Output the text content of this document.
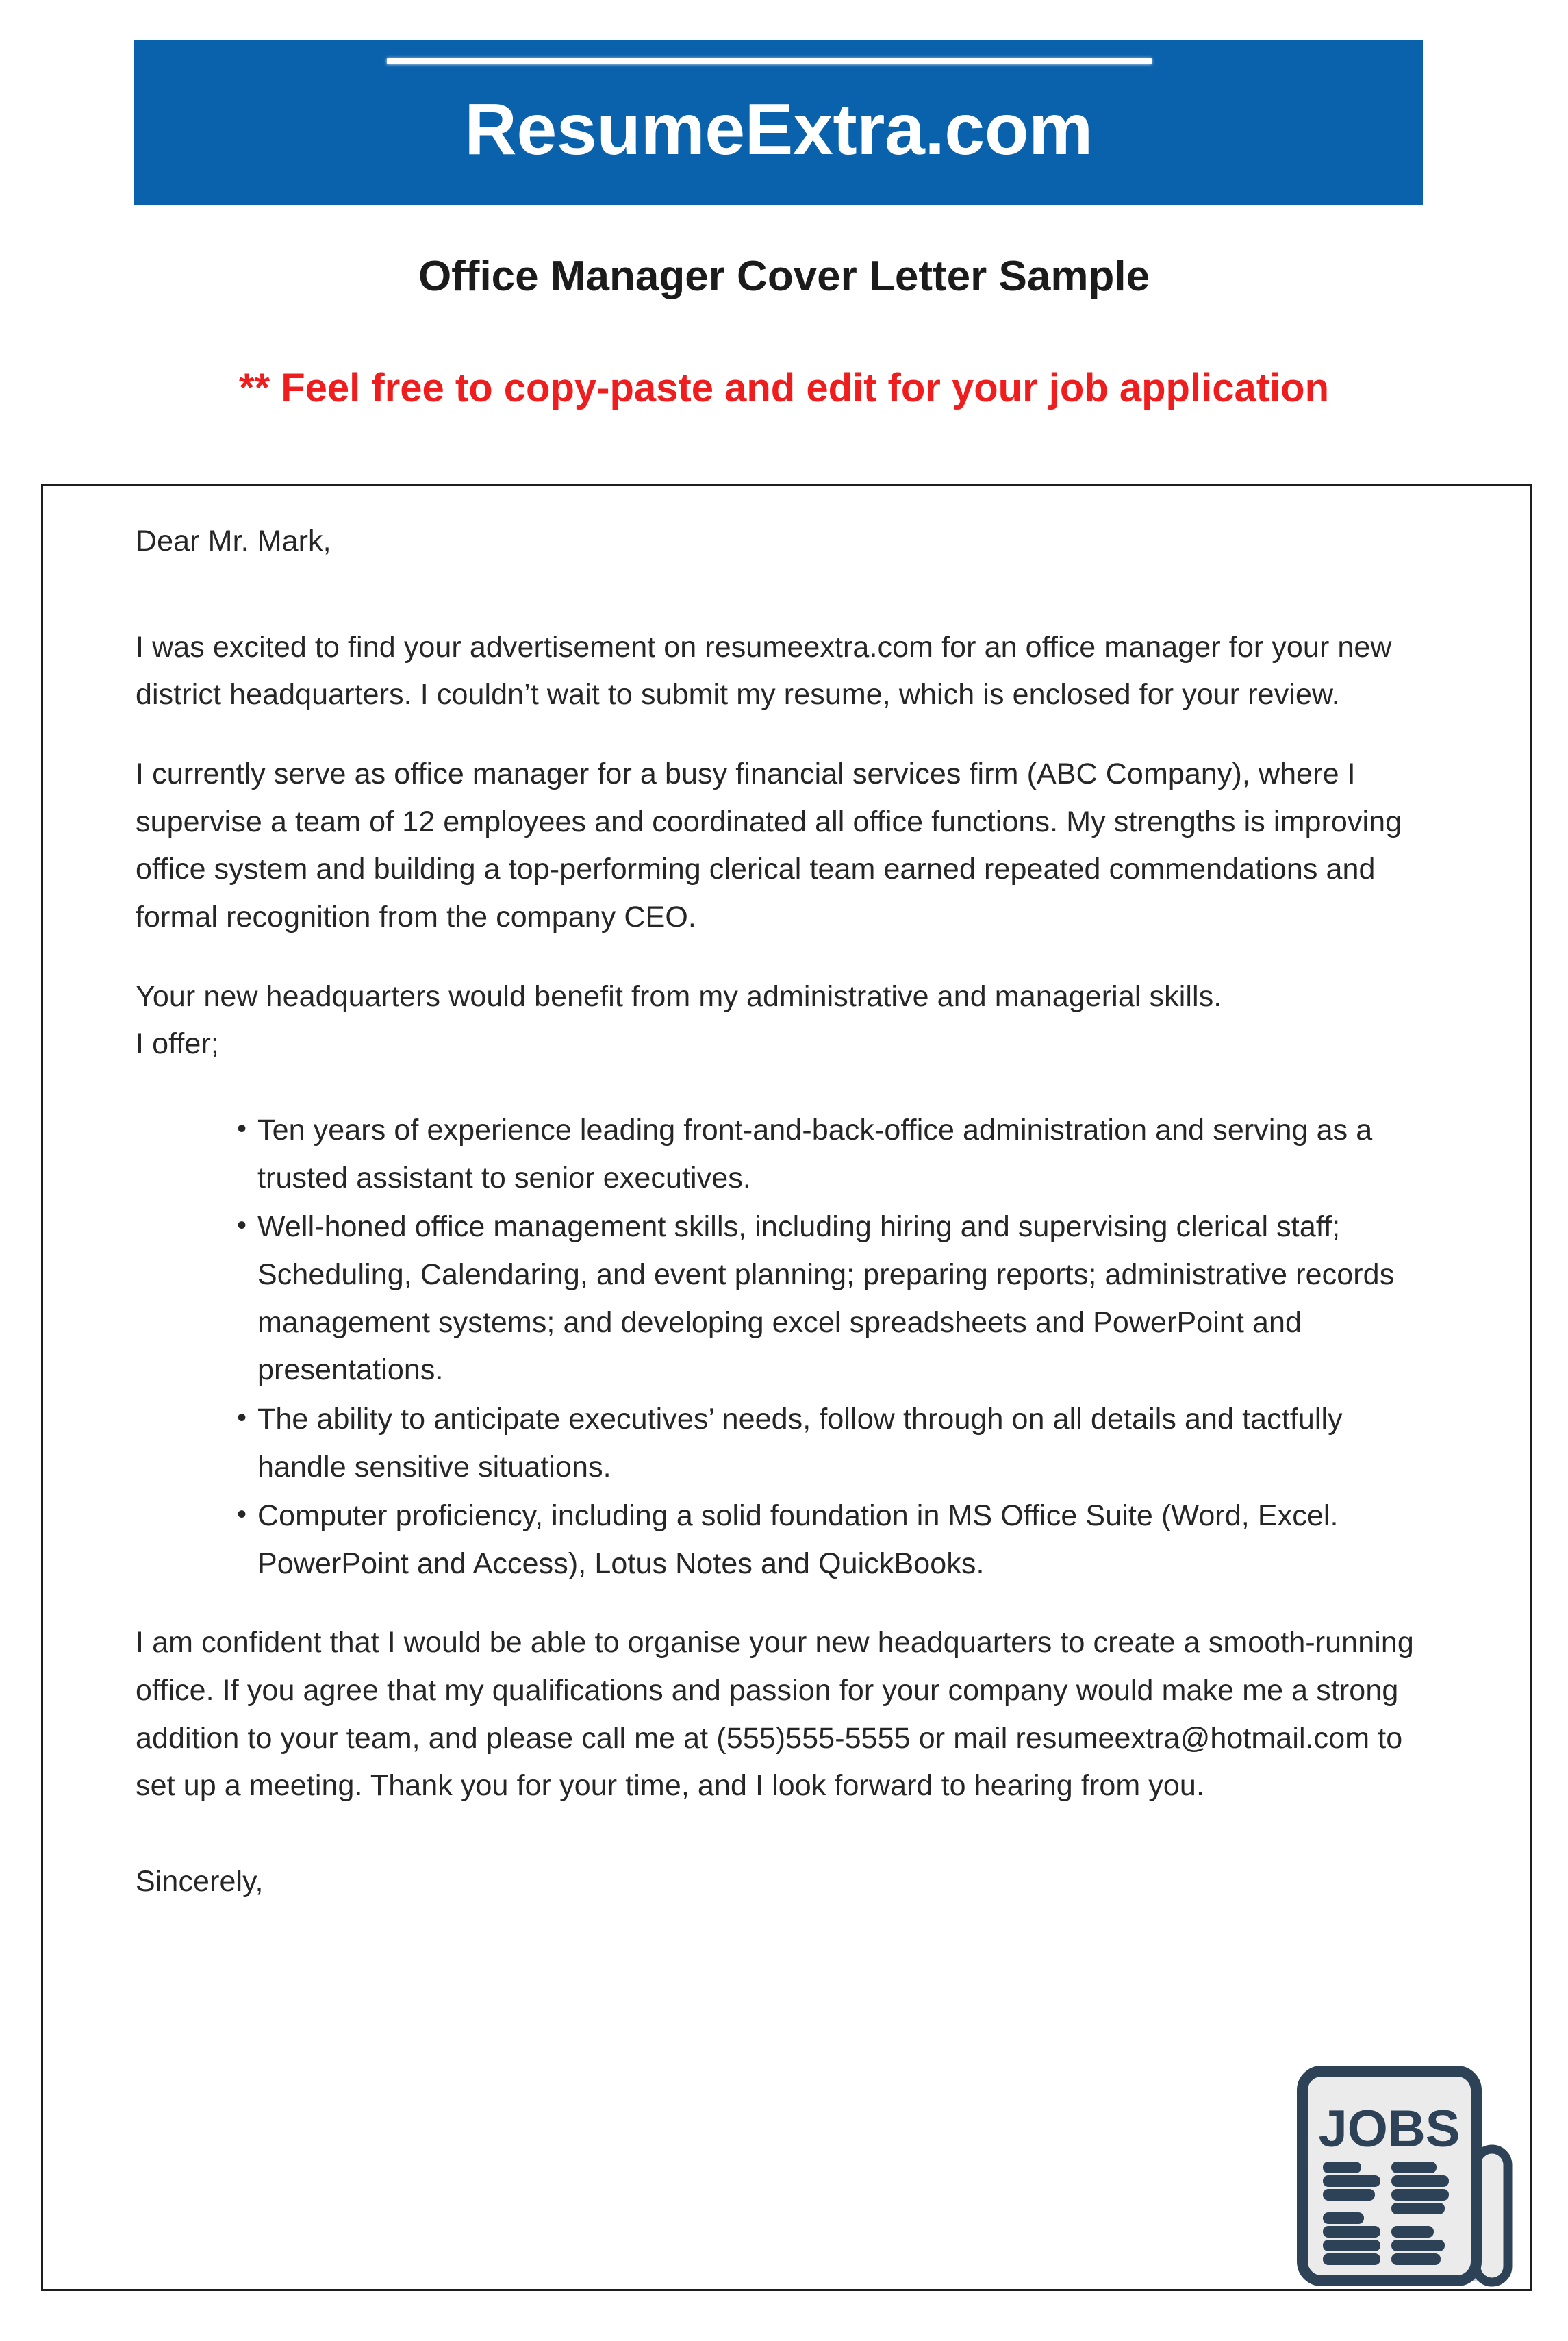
ResumeExtra.com
Office Manager Cover Letter Sample
** Feel free to copy-paste and edit for your job application

Dear Mr. Mark,

I was excited to find your advertisement on resumeextra.com for an office manager for your new district headquarters. I couldn’t wait to submit my resume, which is enclosed for your review.

I currently serve as office manager for a busy financial services firm (ABC Company), where I supervise a team of 12 employees and coordinated all office functions. My strengths is improving office system and building a top-performing clerical team earned repeated commendations and formal recognition from the company CEO.

Your new headquarters would benefit from my administrative and managerial skills.

I offer;

• Ten years of experience leading front-and-back-office administration and serving as a trusted assistant to senior executives.
• Well-honed office management skills, including hiring and supervising clerical staff; Scheduling, Calendaring, and event planning; preparing reports; administrative records management systems; and developing excel spreadsheets and PowerPoint and presentations.
• The ability to anticipate executives’ needs, follow through on all details and tactfully handle sensitive situations.
• Computer proficiency, including a solid foundation in MS Office Suite (Word, Excel. PowerPoint and Access), Lotus Notes and QuickBooks.

I am confident that I would be able to organise your new headquarters to create a smooth-running office. If you agree that my qualifications and passion for your company would make me a strong addition to your team, and please call me at (555)555-5555 or mail resumeextra@hotmail.com to set up a meeting. Thank you for your time, and I look forward to hearing from you.

Sincerely,

JOBS
